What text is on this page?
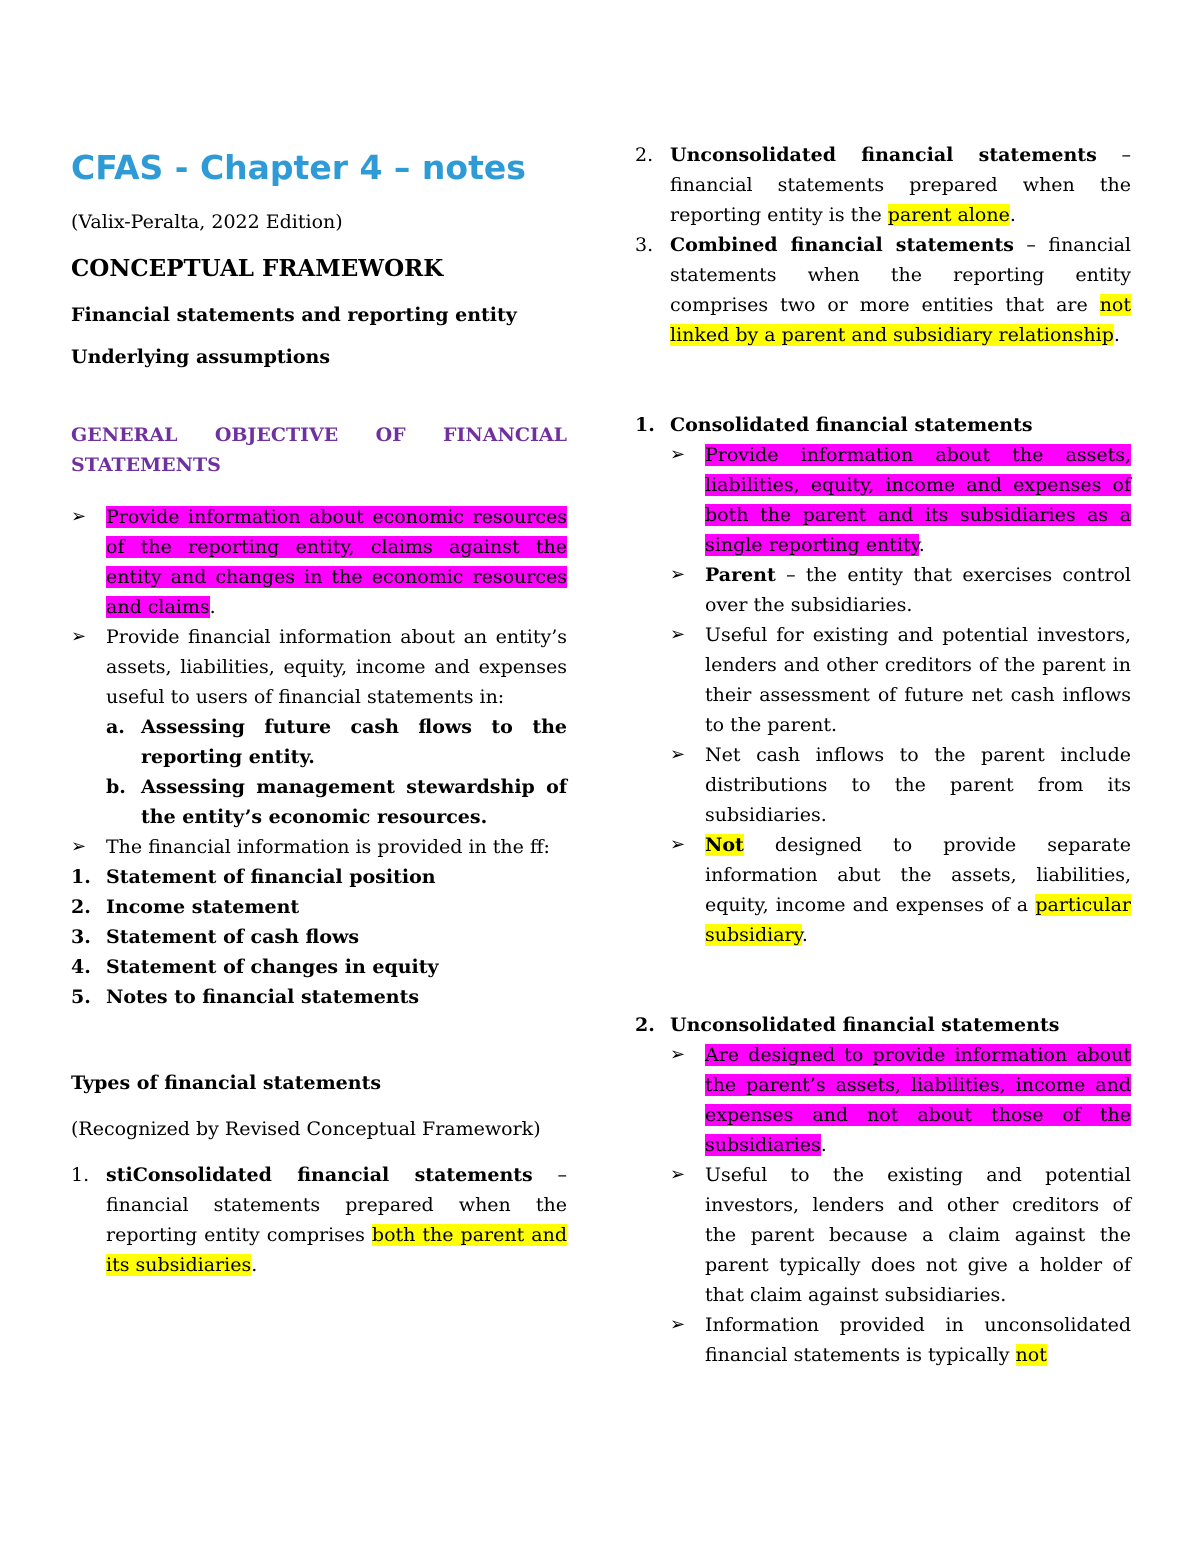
CFAS - Chapter 4 – notes
(Valix-Peralta, 2022 Edition)
CONCEPTUAL FRAMEWORK
Financial statements and reporting entity
Underlying assumptions
GENERAL OBJECTIVE OF FINANCIAL
STATEMENTS
➢ Provide information about economic resources of the reporting entity, claims against the entity and changes in the economic resources and claims.
➢ Provide financial information about an entity’s assets, liabilities, equity, income and expenses useful to users of financial statements in:
a. Assessing future cash flows to the reporting entity.
b. Assessing management stewardship of the entity’s economic resources.
➢ The financial information is provided in the ff:
1. Statement of financial position
2. Income statement
3. Statement of cash flows
4. Statement of changes in equity
5. Notes to financial statements
Types of financial statements
(Recognized by Revised Conceptual Framework)
1. stiConsolidated financial statements – financial statements prepared when the reporting entity comprises both the parent and its subsidiaries.
2. Unconsolidated financial statements – financial statements prepared when the reporting entity is the parent alone.
3. Combined financial statements – financial statements when the reporting entity comprises two or more entities that are not linked by a parent and subsidiary relationship.
1. Consolidated financial statements
➢ Provide information about the assets, liabilities, equity, income and expenses of both the parent and its subsidiaries as a single reporting entity.
➢ Parent – the entity that exercises control over the subsidiaries.
➢ Useful for existing and potential investors, lenders and other creditors of the parent in their assessment of future net cash inflows to the parent.
➢ Net cash inflows to the parent include distributions to the parent from its subsidiaries.
➢ Not designed to provide separate information abut the assets, liabilities, equity, income and expenses of a particular subsidiary.
2. Unconsolidated financial statements
➢ Are designed to provide information about the parent’s assets, liabilities, income and expenses and not about those of the subsidiaries.
➢ Useful to the existing and potential investors, lenders and other creditors of the parent because a claim against the parent typically does not give a holder of that claim against subsidiaries.
➢ Information provided in unconsolidated financial statements is typically not
